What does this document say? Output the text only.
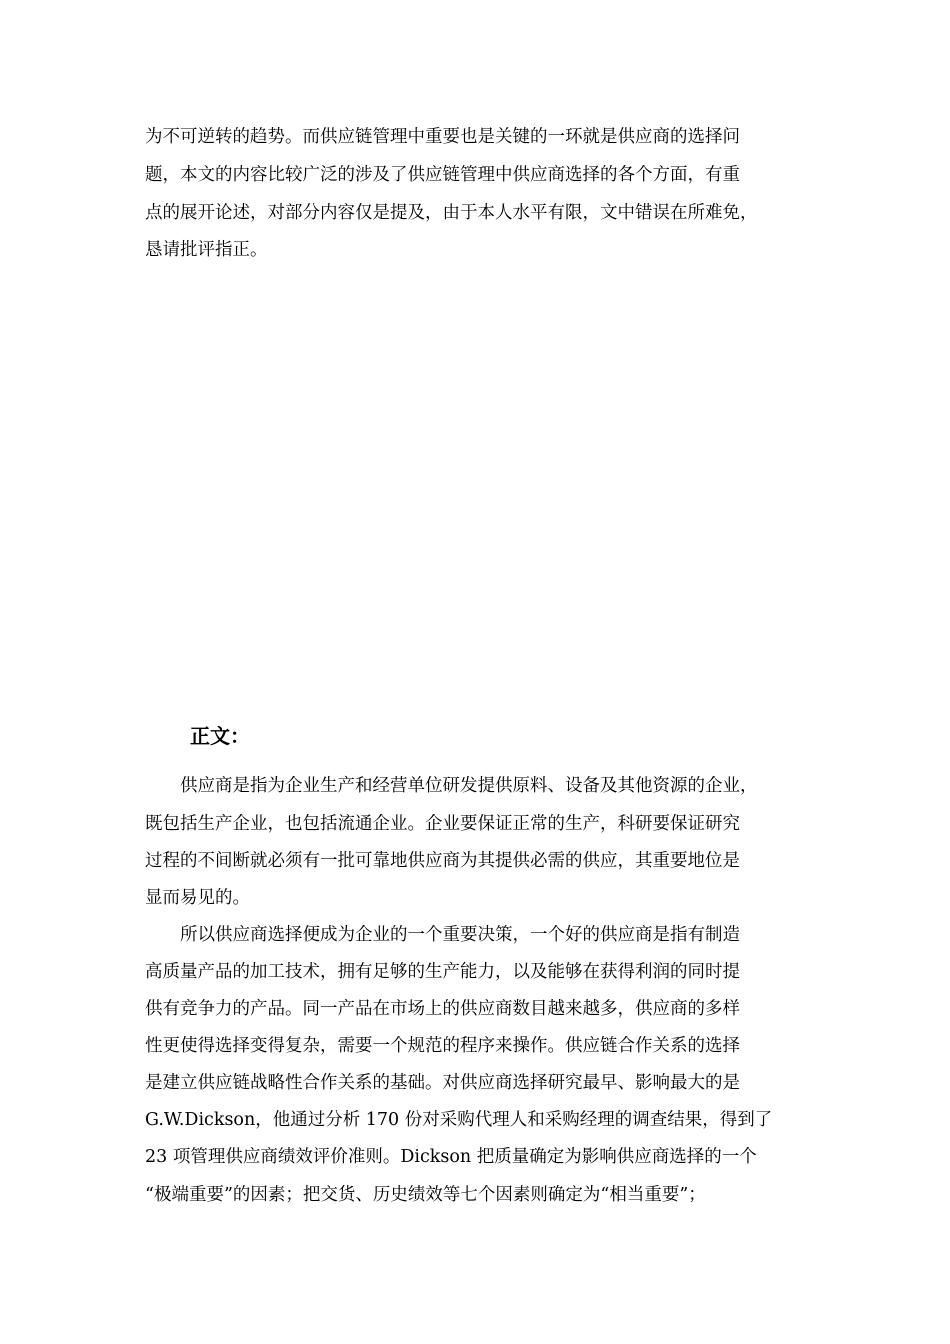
为不可逆转的趋势。而供应链管理中重要也是关键的一环就是供应商的选择问
题，本文的内容比较广泛的涉及了供应链管理中供应商选择的各个方面，有重
点的展开论述，对部分内容仅是提及，由于本人水平有限，文中错误在所难免，
恳请批评指正。
正文：
　　供应商是指为企业生产和经营单位研发提供原料、设备及其他资源的企业，
既包括生产企业，也包括流通企业。企业要保证正常的生产，科研要保证研究
过程的不间断就必须有一批可靠地供应商为其提供必需的供应，其重要地位是
显而易见的。
　　所以供应商选择便成为企业的一个重要决策，一个好的供应商是指有制造
高质量产品的加工技术，拥有足够的生产能力，以及能够在获得利润的同时提
供有竞争力的产品。同一产品在市场上的供应商数目越来越多，供应商的多样
性更使得选择变得复杂，需要一个规范的程序来操作。供应链合作关系的选择
是建立供应链战略性合作关系的基础。对供应商选择研究最早、影响最大的是
G.W.Dickson，他通过分析 170 份对采购代理人和采购经理的调查结果，得到了
23 项管理供应商绩效评价准则。Dickson 把质量确定为影响供应商选择的一个
“极端重要”的因素；把交货、历史绩效等七个因素则确定为“相当重要”；
